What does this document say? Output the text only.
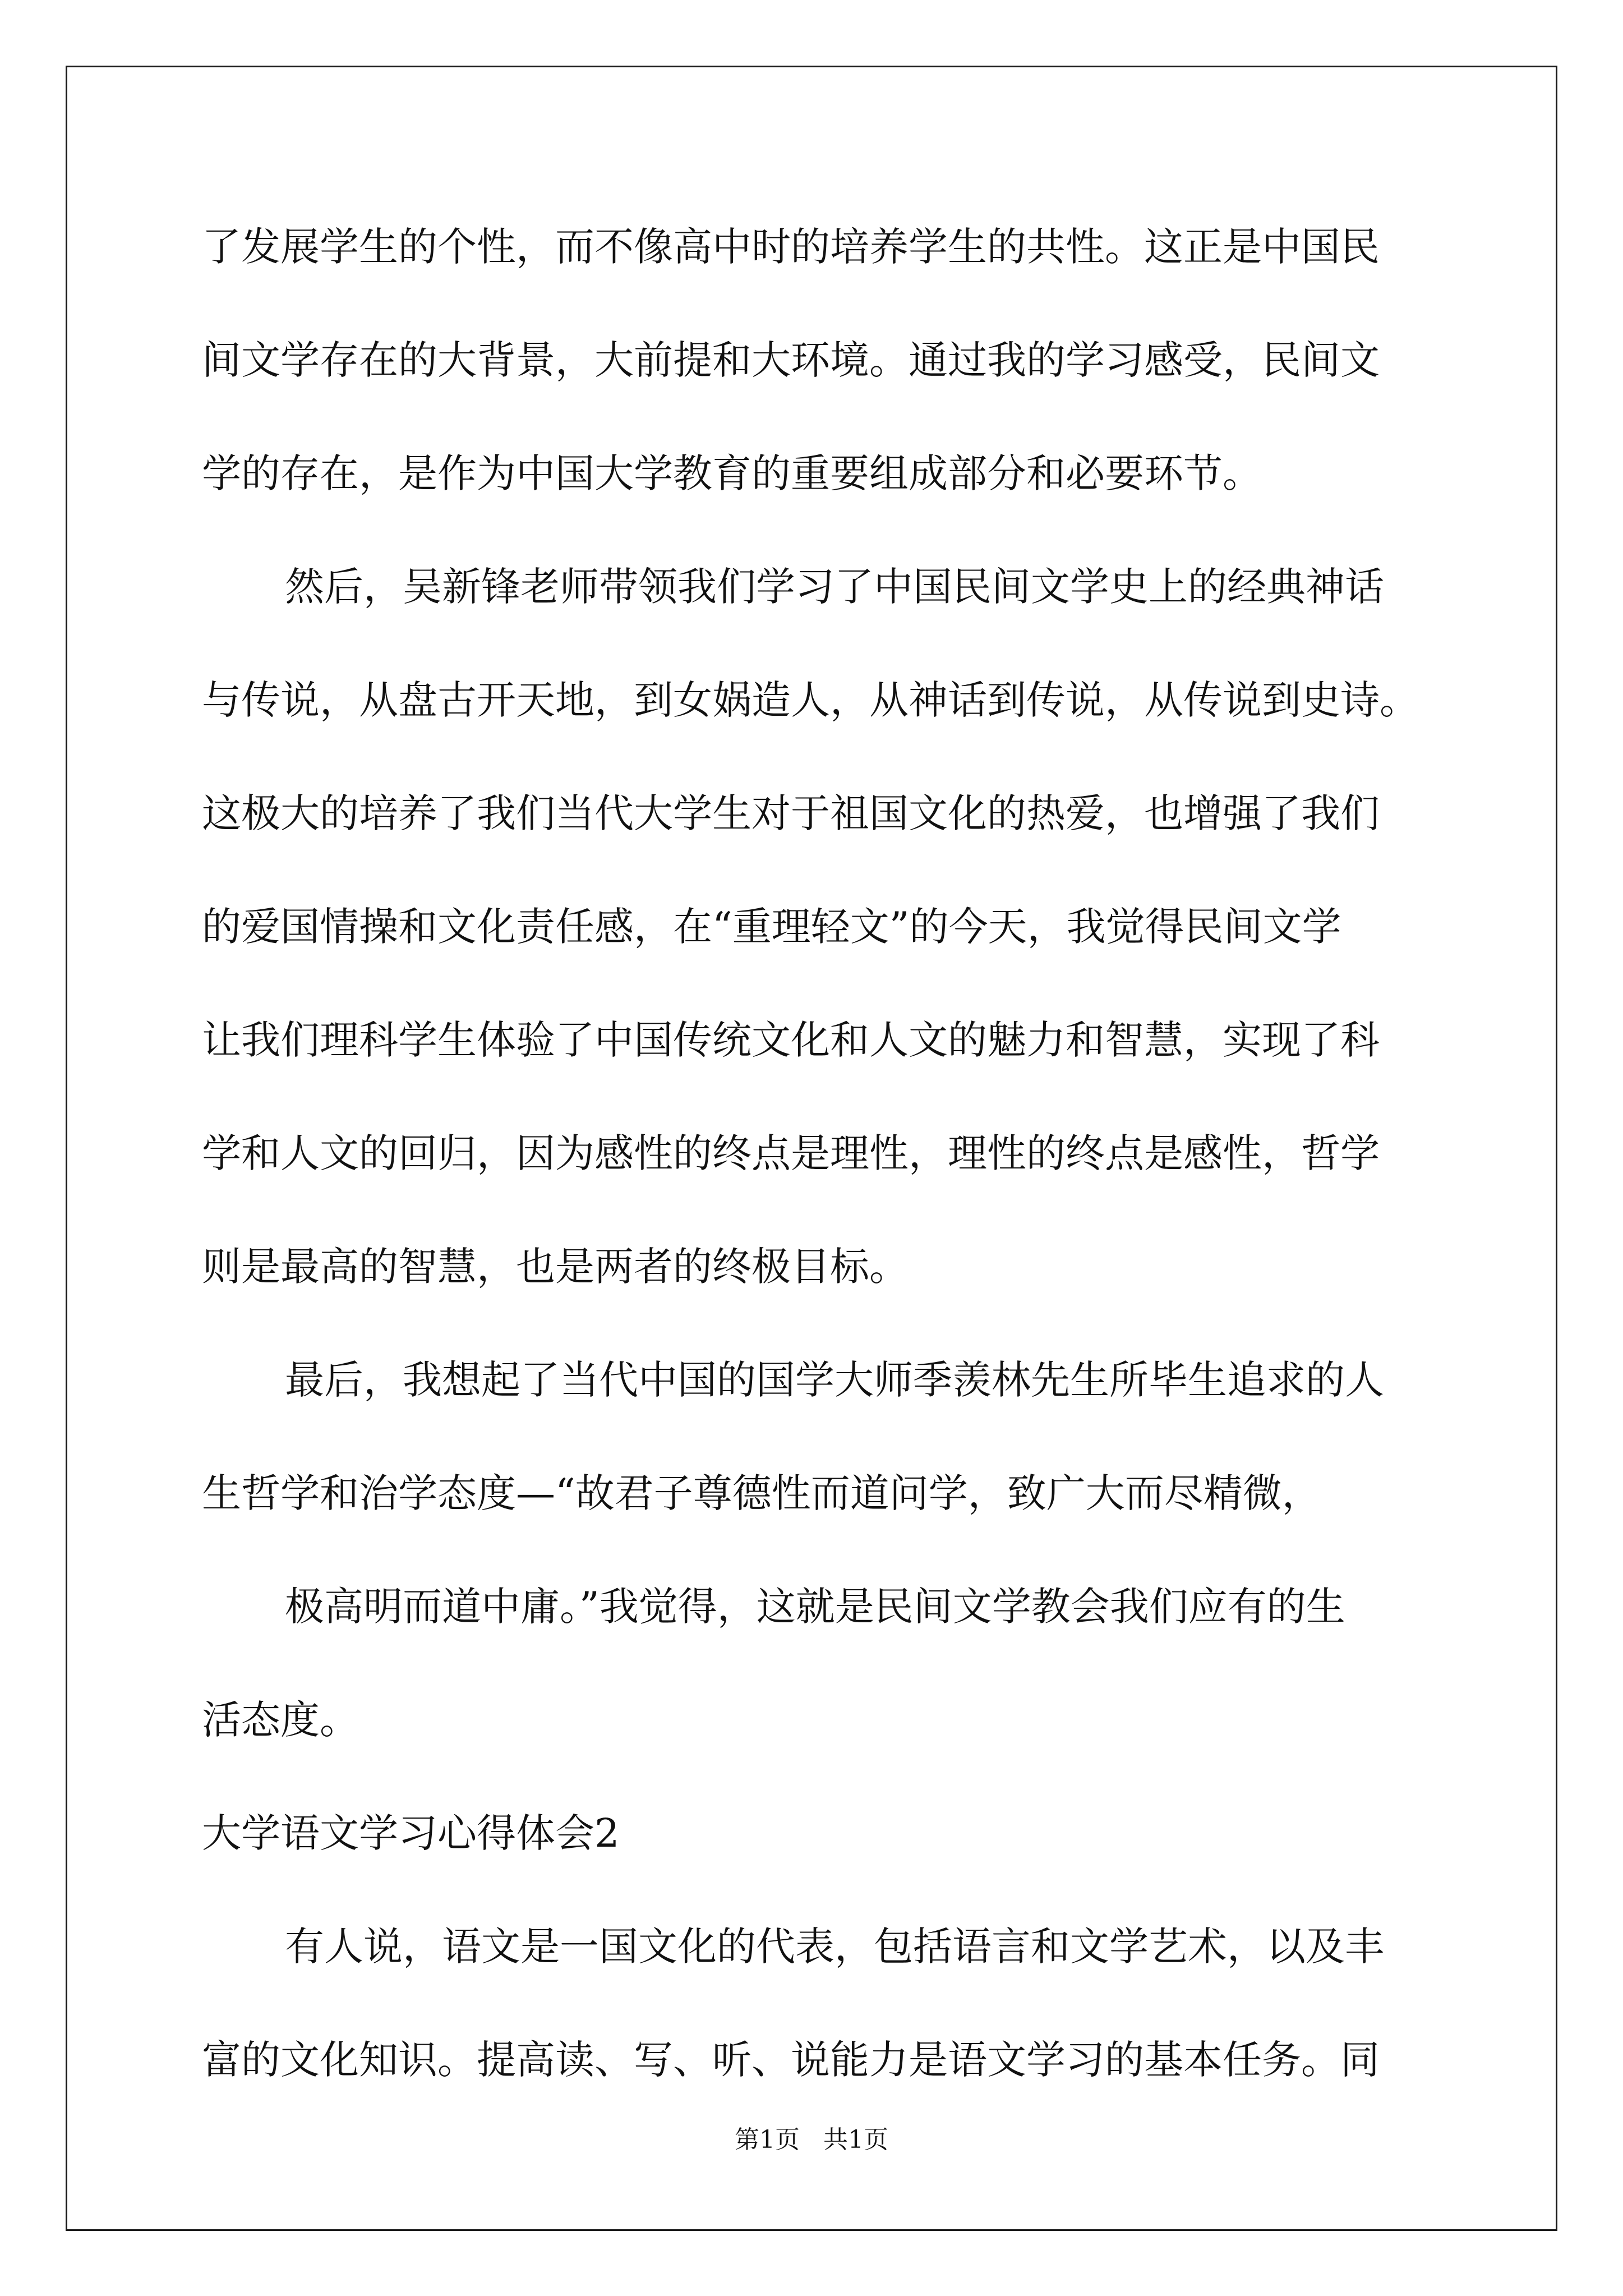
了发展学生的个性，而不像高中时的培养学生的共性。这正是中国民
间文学存在的大背景，大前提和大环境。通过我的学习感受，民间文
学的存在，是作为中国大学教育的重要组成部分和必要环节。
然后，吴新锋老师带领我们学习了中国民间文学史上的经典神话
与传说，从盘古开天地，到女娲造人，从神话到传说，从传说到史诗。
这极大的培养了我们当代大学生对于祖国文化的热爱，也增强了我们
的爱国情操和文化责任感，在“重理轻文”的今天，我觉得民间文学
让我们理科学生体验了中国传统文化和人文的魅力和智慧，实现了科
学和人文的回归，因为感性的终点是理性，理性的终点是感性，哲学
则是最高的智慧，也是两者的终极目标。
最后，我想起了当代中国的国学大师季羡林先生所毕生追求的人
生哲学和治学态度—“故君子尊德性而道问学，致广大而尽精微，
极高明而道中庸。”我觉得，这就是民间文学教会我们应有的生
活态度。
大学语文学习心得体会2
有人说，语文是一国文化的代表，包括语言和文学艺术，以及丰
富的文化知识。提高读、写、听、说能力是语文学习的基本任务。同
第1页   共1页
